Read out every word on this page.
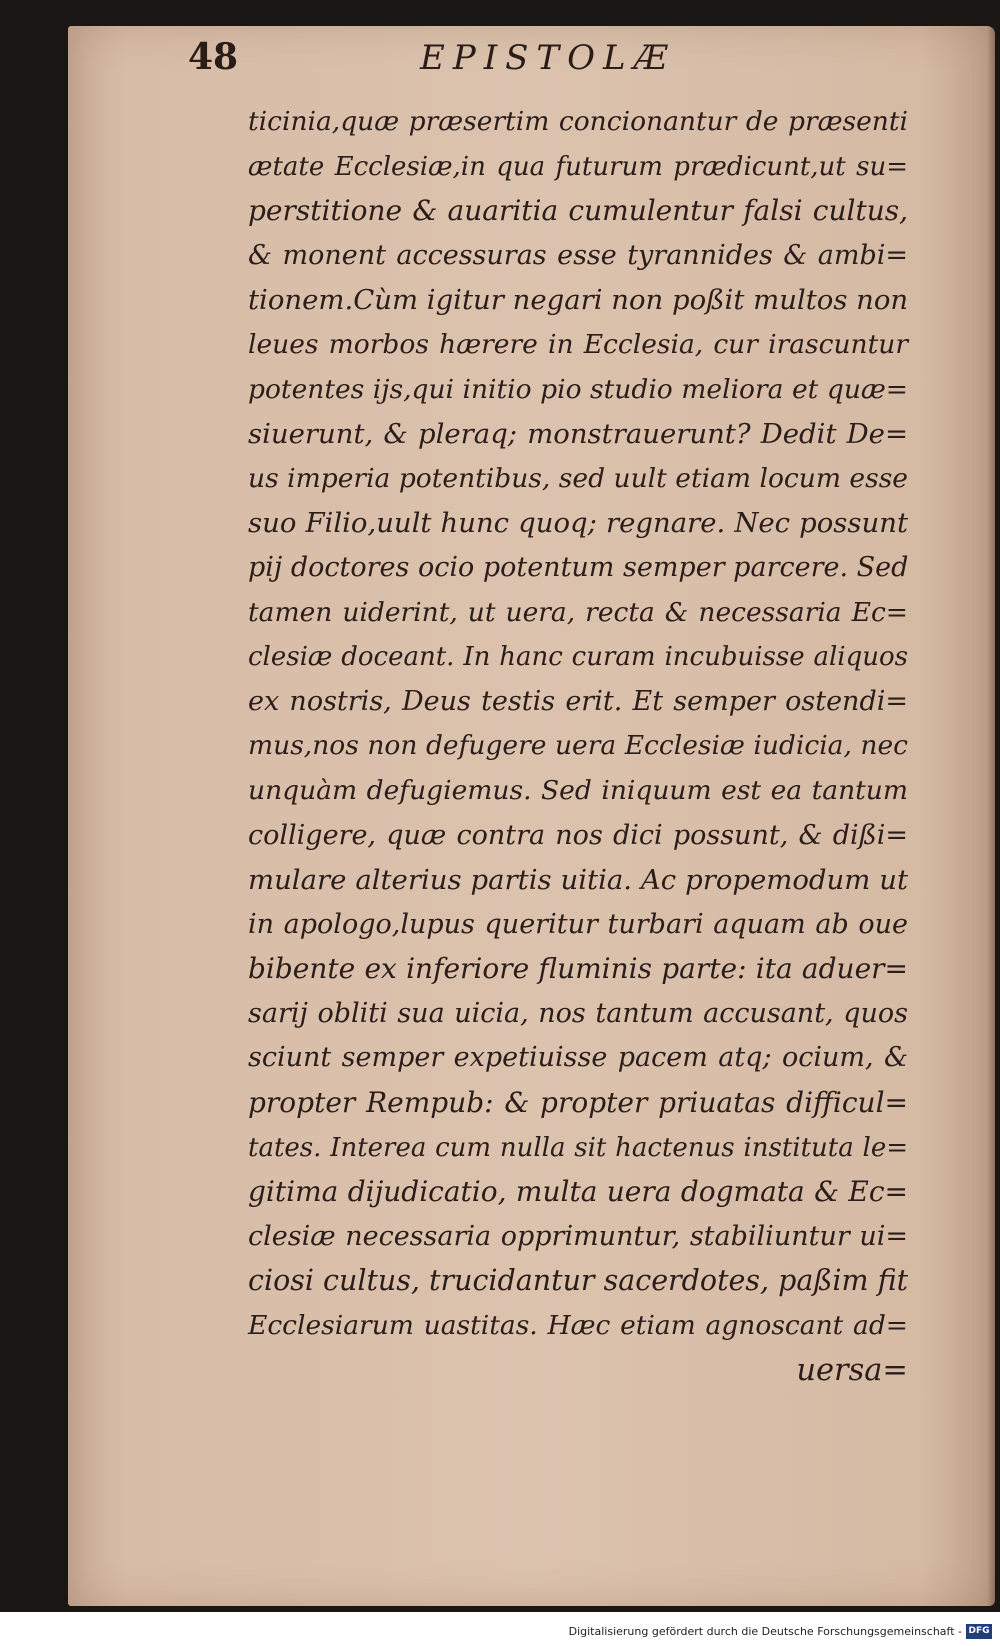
48	EPISTOLÆ
ticinia,quæ præsertim concionantur de præsenti
ætate Ecclesiæ,in qua futurum prædicunt,ut su=
perstitione & auaritia cumulentur falsi cultus,
& monent accessuras esse tyrannides & ambi=
tionem.Cùm igitur negari non poßit multos non
leues morbos hærere in Ecclesia, cur irascuntur
potentes ijs,qui initio pio studio meliora et quæ=
siuerunt, & pleraq; monstrauerunt? Dedit De=
us imperia potentibus, sed uult etiam locum esse
suo Filio,uult hunc quoq; regnare. Nec possunt
pij doctores ocio potentum semper parcere. Sed
tamen uiderint, ut uera, recta & necessaria Ec=
clesiæ doceant. In hanc curam incubuisse aliquos
ex nostris, Deus testis erit. Et semper ostendi=
mus,nos non defugere uera Ecclesiæ iudicia, nec
unquàm defugiemus. Sed iniquum est ea tantum
colligere, quæ contra nos dici possunt, & dißi=
mulare alterius partis uitia. Ac propemodum ut
in apologo,lupus queritur turbari aquam ab oue
bibente ex inferiore fluminis parte: ita aduer=
sarij obliti sua uicia, nos tantum accusant, quos
sciunt semper expetiuisse pacem atq; ocium, &
propter Rempub: & propter priuatas difficul=
tates. Interea cum nulla sit hactenus instituta le=
gitima dijudicatio, multa uera dogmata & Ec=
clesiæ necessaria opprimuntur, stabiliuntur ui=
ciosi cultus, trucidantur sacerdotes, paßim fit
Ecclesiarum uastitas. Hæc etiam agnoscant ad=
uersa=
Digitalisierung gefördert durch die Deutsche Forschungsgemeinschaft - DFG
